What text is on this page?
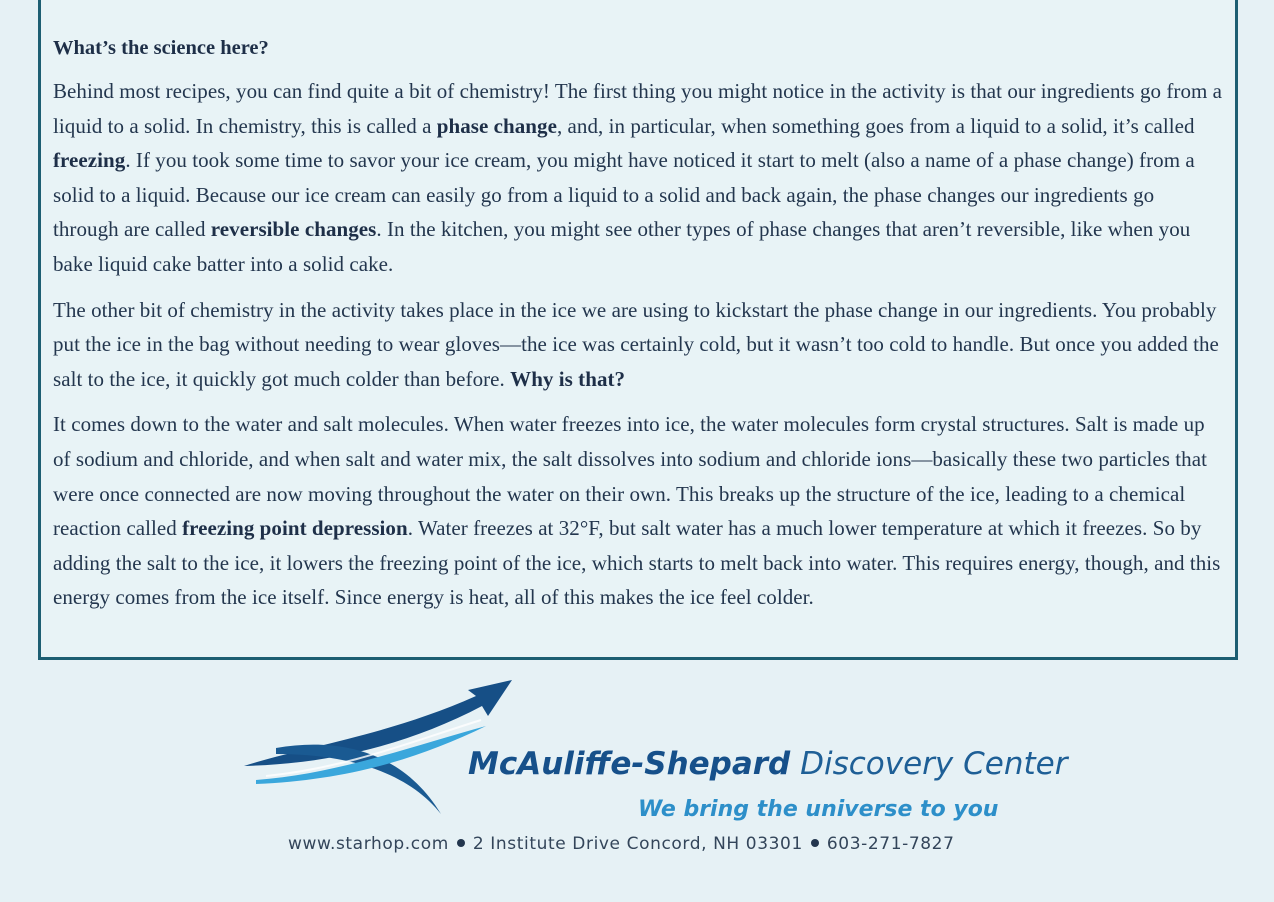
What’s the science here?

Behind most recipes, you can find quite a bit of chemistry! The first thing you might notice in the activity is that our ingredients go from a liquid to a solid. In chemistry, this is called a phase change, and, in particular, when something goes from a liquid to a solid, it’s called freezing. If you took some time to savor your ice cream, you might have noticed it start to melt (also a name of a phase change) from a solid to a liquid. Because our ice cream can easily go from a liquid to a solid and back again, the phase changes our ingredients go through are called reversible changes. In the kitchen, you might see other types of phase changes that aren’t reversible, like when you bake liquid cake batter into a solid cake.

The other bit of chemistry in the activity takes place in the ice we are using to kickstart the phase change in our ingredients. You probably put the ice in the bag without needing to wear gloves—the ice was certainly cold, but it wasn’t too cold to handle. But once you added the salt to the ice, it quickly got much colder than before. Why is that?

It comes down to the water and salt molecules. When water freezes into ice, the water molecules form crystal structures. Salt is made up of sodium and chloride, and when salt and water mix, the salt dissolves into sodium and chloride ions—basically these two particles that were once connected are now moving throughout the water on their own. This breaks up the structure of the ice, leading to a chemical reaction called freezing point depression. Water freezes at 32°F, but salt water has a much lower temperature at which it freezes. So by adding the salt to the ice, it lowers the freezing point of the ice, which starts to melt back into water. This requires energy, though, and this energy comes from the ice itself. Since energy is heat, all of this makes the ice feel colder.

McAuliffe-Shepard Discovery Center
We bring the universe to you
www.starhop.com 2 Institute Drive Concord, NH 03301 603-271-7827
